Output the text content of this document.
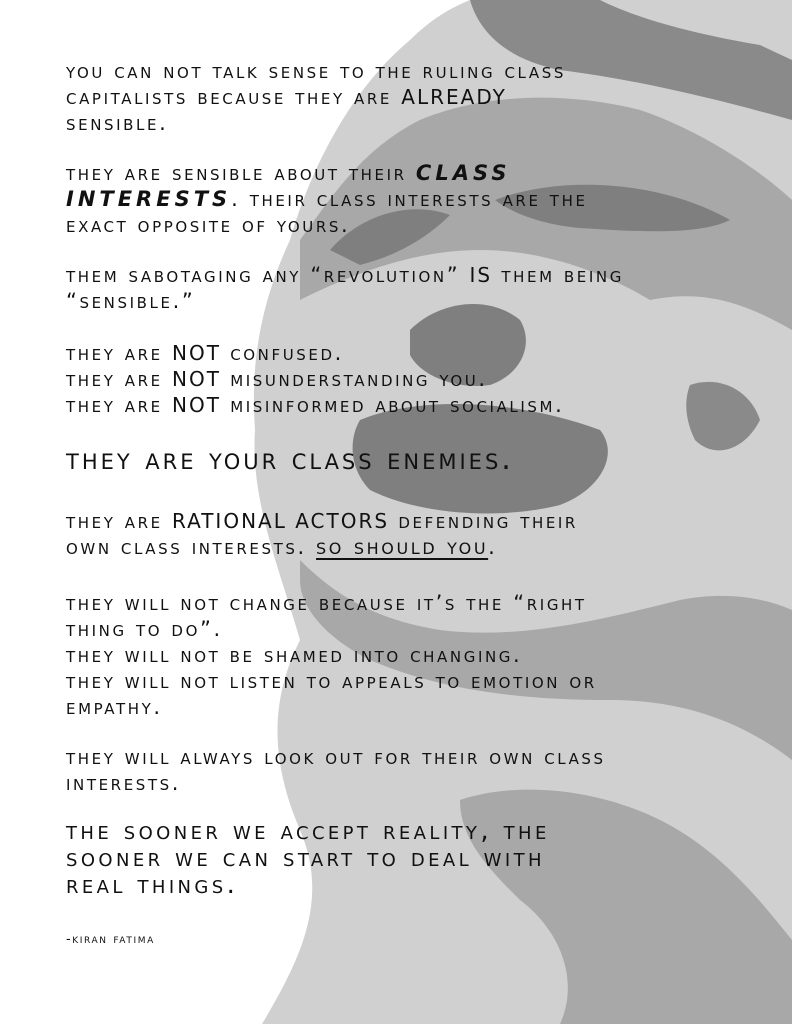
you can not talk sense to the ruling class
capitalists because they are ALREADY
sensible.

they are sensible about their CLASS
INTERESTS. their class interests are the
exact opposite of yours.

them sabotaging any “revolution” IS them being
“sensible.”

they are NOT confused.
they are NOT misunderstanding you.
they are NOT misinformed about socialism.

they are your class enemies.

they are RATIONAL ACTORS defending their
own class interests. so should you.

they will not change because it’s the “right
thing to do”.
they will not be shamed into changing.
they will not listen to appeals to emotion or
empathy.

they will always look out for their own class
interests.

the sooner we accept reality, the
sooner we can start to deal with
real things.

-kiran fatima
